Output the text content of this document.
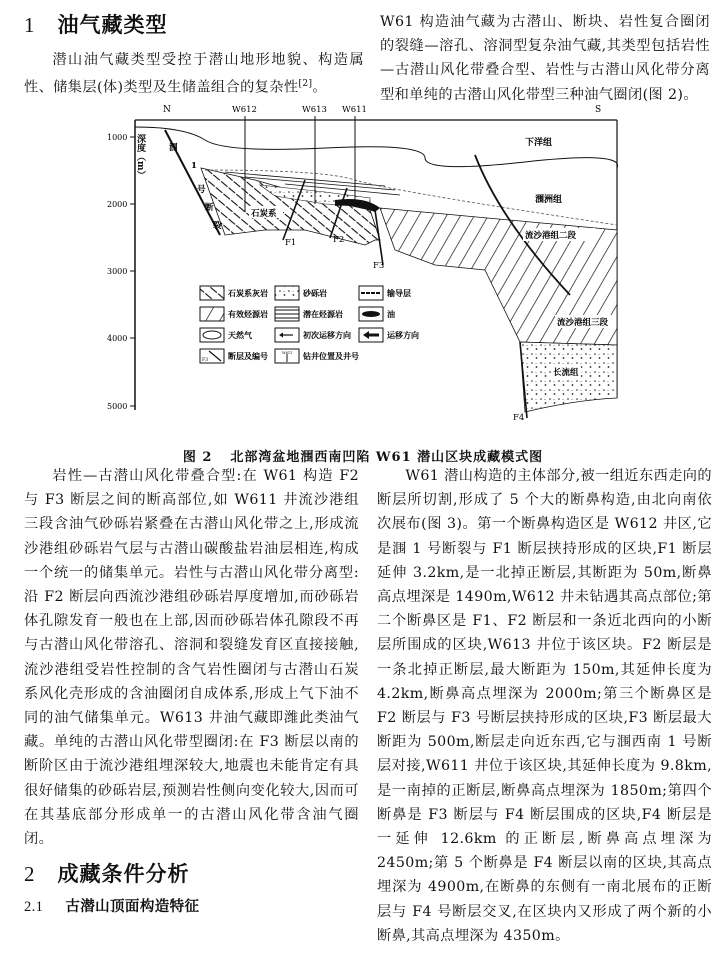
1 油气藏类型

潜山油气藏类型受控于潜山地形地貌、构造属性、储集层(体)类型及生储盖组合的复杂性[2]。

W61 构造油气藏为古潜山、断块、岩性复合圈闭的裂缝—溶孔、溶洞型复杂油气藏,其类型包括岩性—古潜山风化带叠合型、岩性与古潜山风化带分离型和单纯的古潜山风化带型三种油气圈闭(图 2)。

深度（m）
N	S
W612	W613 W611
1000
2000
3000
4000
5000
下洋组
涠洲组
涠
1
号
断
裂
石炭系
F1	F2
F3
流沙港组二段
流沙港组三段
长流组
F4
石炭系灰岩	砂砾岩	输导层
有效烃源岩	潜在烃源岩	油
天然气	初次运移方向	运移方向
F3	断层及编号	W611 钻井位置及井号
图 2 北部湾盆地涠西南凹陷 W61 潜山区块成藏模式图

岩性—古潜山风化带叠合型:在 W61 构造 F2 与 F3 断层之间的断高部位,如 W611 井流沙港组三段含油气砂砾岩紧叠在古潜山风化带之上,形成流沙港组砂砾岩气层与古潜山碳酸盐岩油层相连,构成一个统一的储集单元。岩性与古潜山风化带分离型:沿 F2 断层向西流沙港组砂砾岩厚度增加,而砂砾岩体孔隙发育一般也在上部,因而砂砾岩体孔隙段不再与古潜山风化带溶孔、溶洞和裂缝发育区直接接触,流沙港组受岩性控制的含气岩性圈闭与古潜山石炭系风化壳形成的含油圈闭自成体系,形成上气下油不同的油气储集单元。W613 井油气藏即潍此类油气藏。单纯的古潜山风化带型圈闭:在 F3 断层以南的断阶区由于流沙港组埋深较大,地震也未能肯定有具很好储集的砂砾岩层,预测岩性侧向变化较大,因而可在其基底部分形成单一的古潜山风化带含油气圈闭。

2 成藏条件分析
2.1 古潜山顶面构造特征

W61 潜山构造的主体部分,被一组近东西走向的断层所切割,形成了 5 个大的断鼻构造,由北向南依次展布(图 3)。第一个断鼻构造区是 W612 井区,它是涠 1 号断裂与 F1 断层挟持形成的区块,F1 断层延伸 3.2km,是一北掉正断层,其断距为 50m,断鼻高点埋深是 1490m,W612 井未钻遇其高点部位;第二个断鼻区是 F1、F2 断层和一条近北西向的小断层所围成的区块,W613 井位于该区块。F2 断层是一条北掉正断层,最大断距为 150m,其延伸长度为 4.2km,断鼻高点埋深为 2000m;第三个断鼻区是 F2 断层与 F3 号断层挟持形成的区块,F3 断层最大断距为 500m,断层走向近东西,它与涠西南 1 号断层对接,W611 井位于该区块,其延伸长度为 9.8km,是一南掉的正断层,断鼻高点埋深为 1850m;第四个断鼻是 F3 断层与 F4 断层围成的区块,F4 断层是一延伸 12.6km 的正断层,断鼻高点埋深为 2450m;第 5 个断鼻是 F4 断层以南的区块,其高点埋深为 4900m,在断鼻的东侧有一南北展布的正断层与 F4 号断层交叉,在区块内又形成了两个新的小断鼻,其高点埋深为 4350m。
